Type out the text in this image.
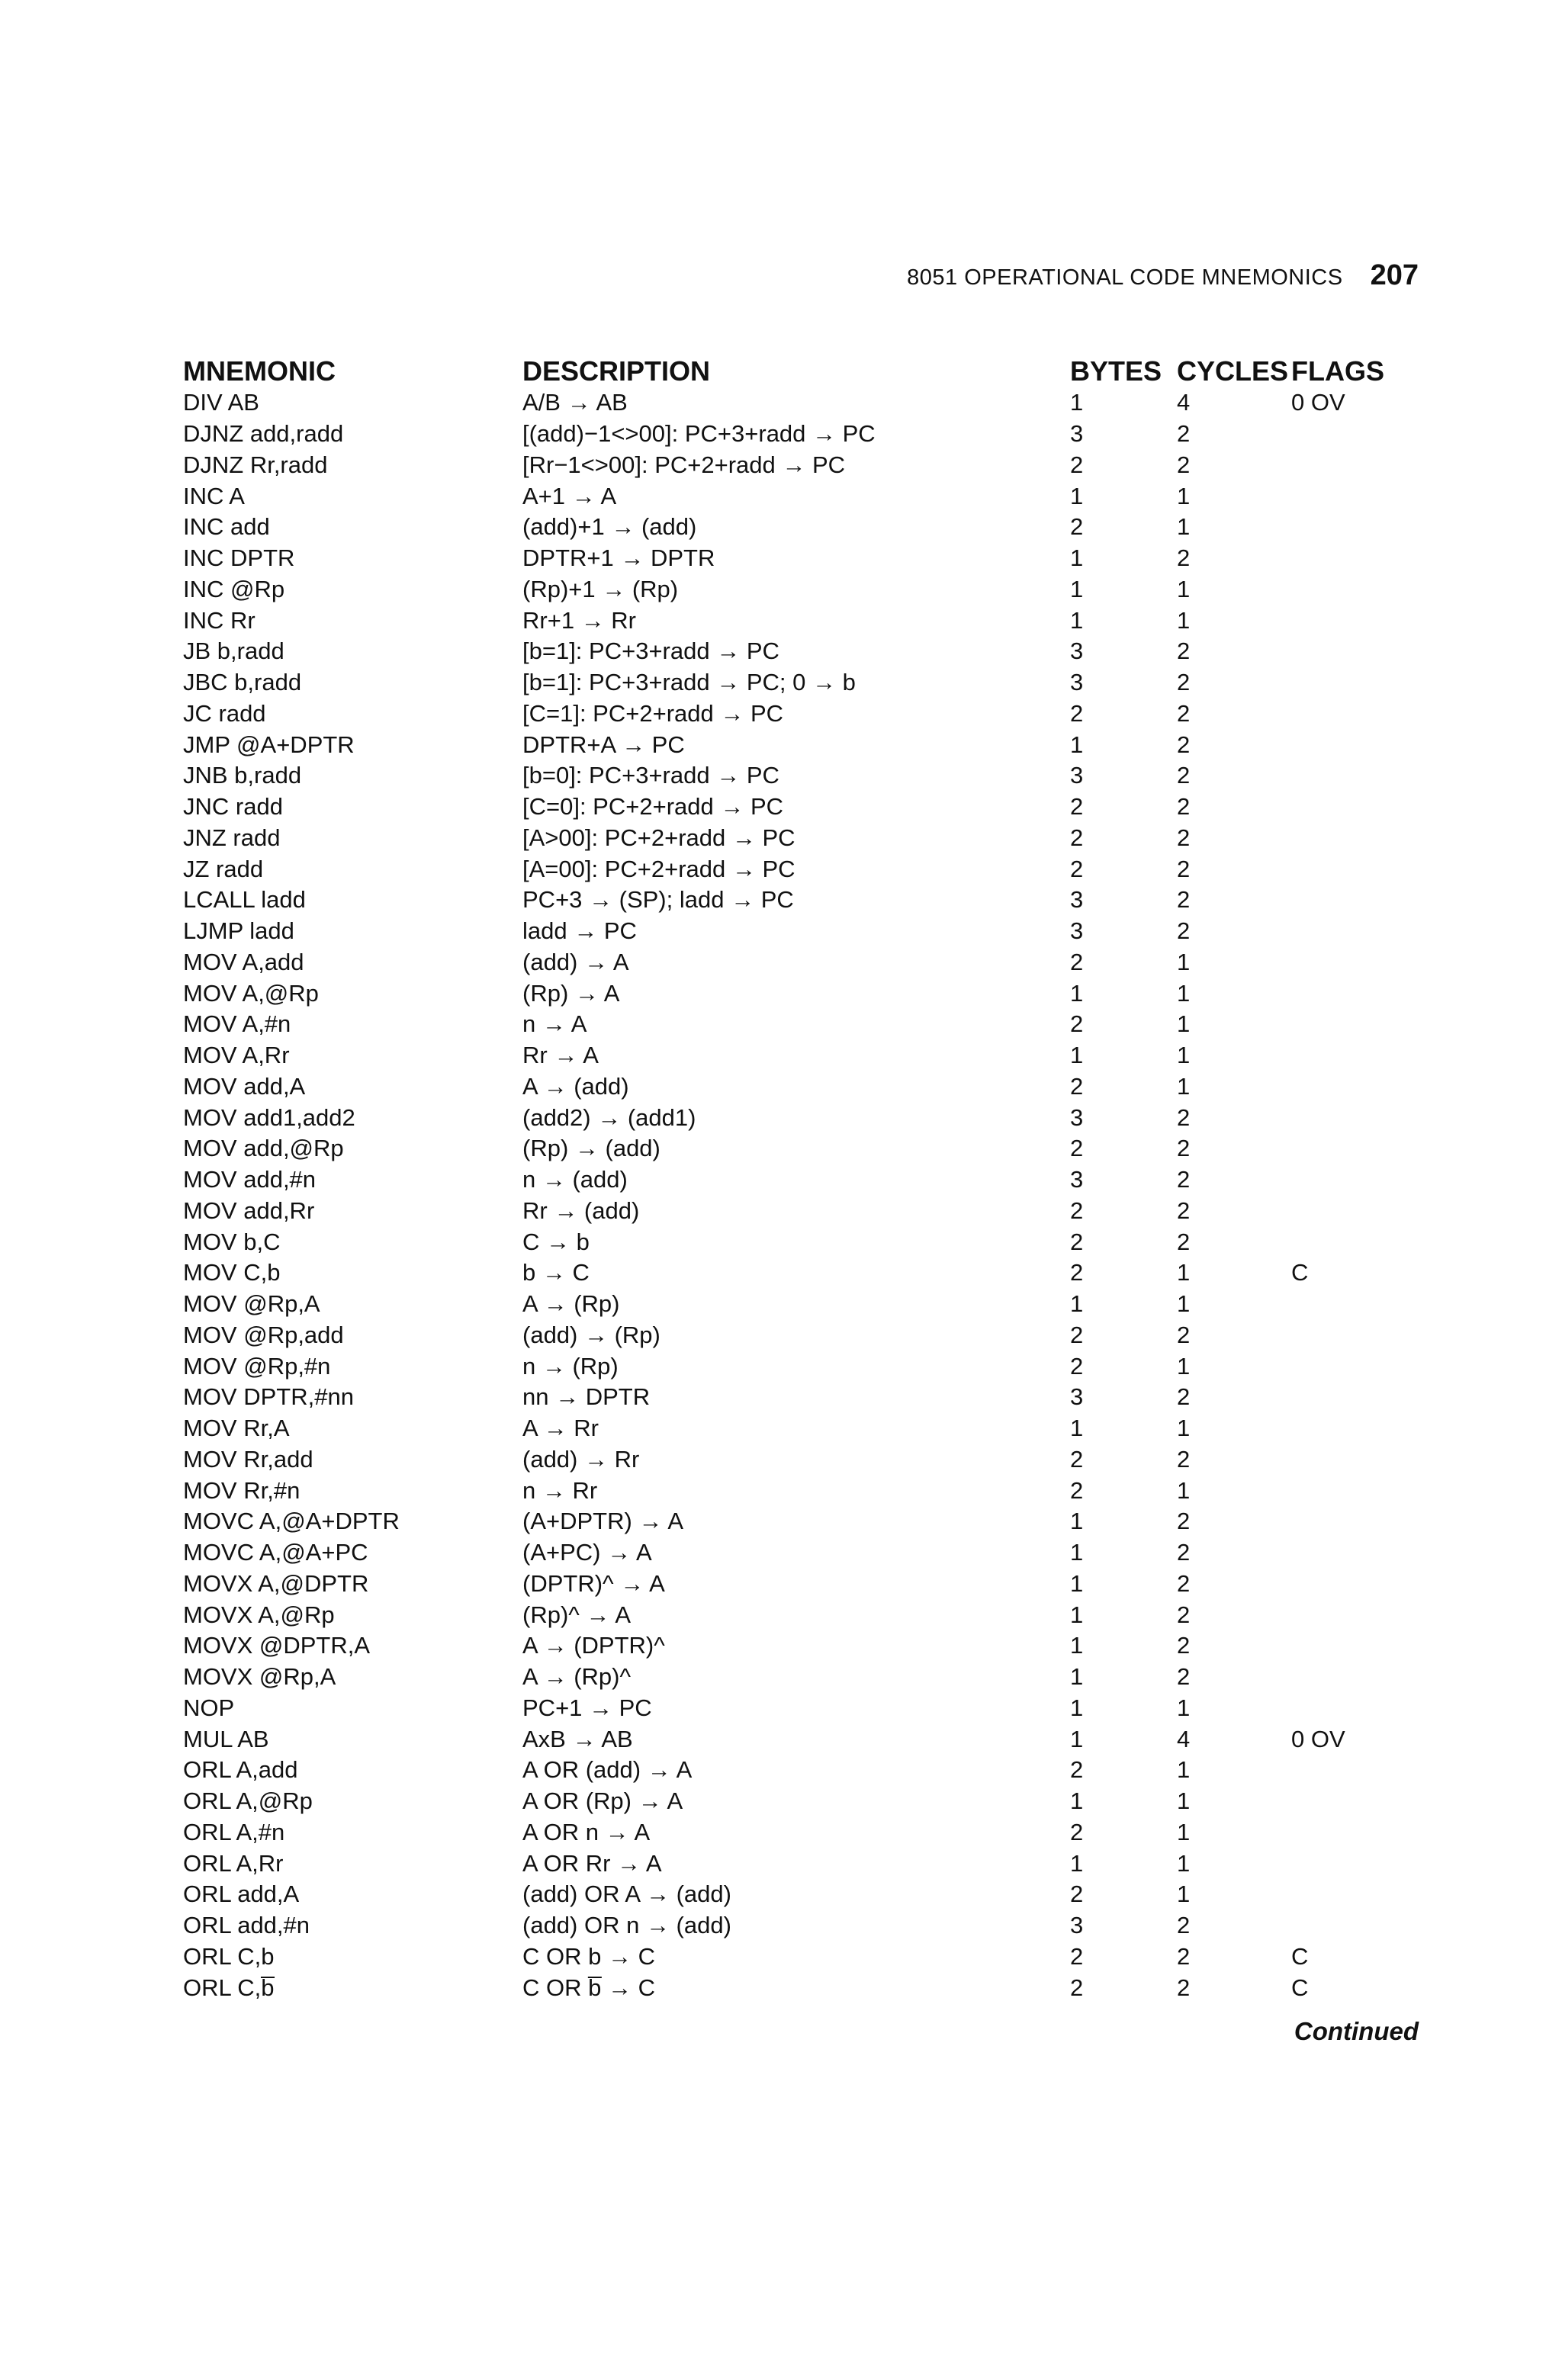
8051 OPERATIONAL CODE MNEMONICS 207
MNEMONIC	DESCRIPTION	BYTES	CYCLES	FLAGS
DIV AB	A/B → AB	1	4	0 OV
DJNZ add,radd	[(add)−1<>00]: PC+3+radd → PC	3	2	
DJNZ Rr,radd	[Rr−1<>00]: PC+2+radd → PC	2	2	
INC A	A+1 → A	1	1	
INC add	(add)+1 → (add)	2	1	
INC DPTR	DPTR+1 → DPTR	1	2	
INC @Rp	(Rp)+1 → (Rp)	1	1	
INC Rr	Rr+1 → Rr	1	1	
JB b,radd	[b=1]: PC+3+radd → PC	3	2	
JBC b,radd	[b=1]: PC+3+radd → PC; 0 → b	3	2	
JC radd	[C=1]: PC+2+radd → PC	2	2	
JMP @A+DPTR	DPTR+A → PC	1	2	
JNB b,radd	[b=0]: PC+3+radd → PC	3	2	
JNC radd	[C=0]: PC+2+radd → PC	2	2	
JNZ radd	[A>00]: PC+2+radd → PC	2	2	
JZ radd	[A=00]: PC+2+radd → PC	2	2	
LCALL ladd	PC+3 → (SP); ladd → PC	3	2	
LJMP ladd	ladd → PC	3	2	
MOV A,add	(add) → A	2	1	
MOV A,@Rp	(Rp) → A	1	1	
MOV A,#n	n → A	2	1	
MOV A,Rr	Rr → A	1	1	
MOV add,A	A → (add)	2	1	
MOV add1,add2	(add2) → (add1)	3	2	
MOV add,@Rp	(Rp) → (add)	2	2	
MOV add,#n	n → (add)	3	2	
MOV add,Rr	Rr → (add)	2	2	
MOV b,C	C → b	2	2	
MOV C,b	b → C	2	1	C
MOV @Rp,A	A → (Rp)	1	1	
MOV @Rp,add	(add) → (Rp)	2	2	
MOV @Rp,#n	n → (Rp)	2	1	
MOV DPTR,#nn	nn → DPTR	3	2	
MOV Rr,A	A → Rr	1	1	
MOV Rr,add	(add) → Rr	2	2	
MOV Rr,#n	n → Rr	2	1	
MOVC A,@A+DPTR	(A+DPTR) → A	1	2	
MOVC A,@A+PC	(A+PC) → A	1	2	
MOVX A,@DPTR	(DPTR)^ → A	1	2	
MOVX A,@Rp	(Rp)^ → A	1	2	
MOVX @DPTR,A	A → (DPTR)^	1	2	
MOVX @Rp,A	A → (Rp)^	1	2	
NOP	PC+1 → PC	1	1	
MUL AB	AxB → AB	1	4	0 OV
ORL A,add	A OR (add) → A	2	1	
ORL A,@Rp	A OR (Rp) → A	1	1	
ORL A,#n	A OR n → A	2	1	
ORL A,Rr	A OR Rr → A	1	1	
ORL add,A	(add) OR A → (add)	2	1	
ORL add,#n	(add) OR n → (add)	3	2	
ORL C,b	C OR b → C	2	2	C
ORL C,b̅	C OR b̅ → C	2	2	C
Continued
